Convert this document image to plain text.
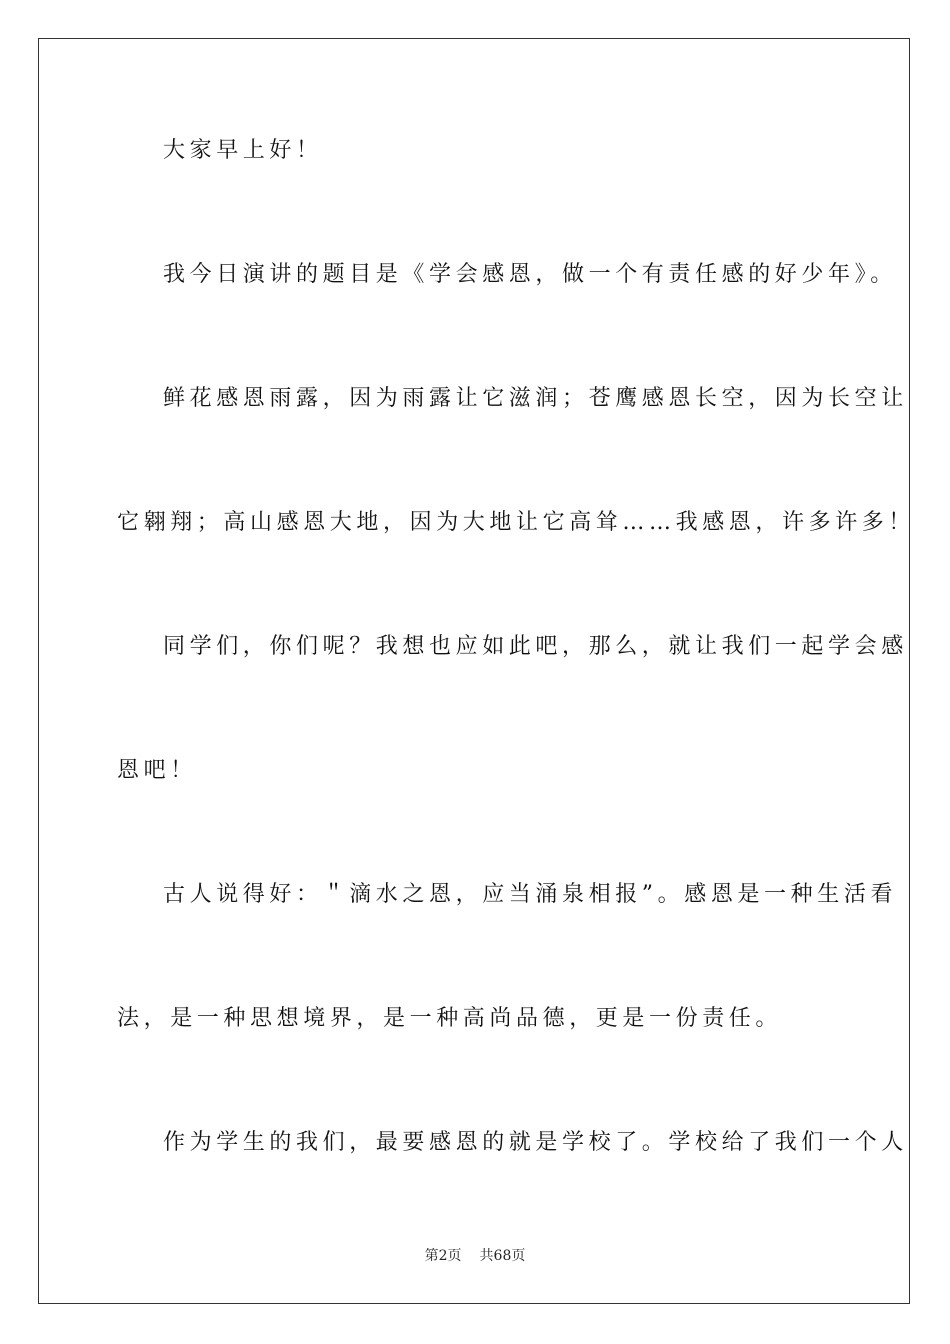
大家早上好！

我今日演讲的题目是《学会感恩，做一个有责任感的好少年》。

鲜花感恩雨露，因为雨露让它滋润；苍鹰感恩长空，因为长空让

它翱翔；高山感恩大地，因为大地让它高耸……我感恩，许多许多！

同学们，你们呢？我想也应如此吧，那么，就让我们一起学会感

恩吧！

古人说得好：＂滴水之恩，应当涌泉相报”。感恩是一种生活看

法，是一种思想境界，是一种高尚品德，更是一份责任。

作为学生的我们，最要感恩的就是学校了。学校给了我们一个人

第2页 共68页
